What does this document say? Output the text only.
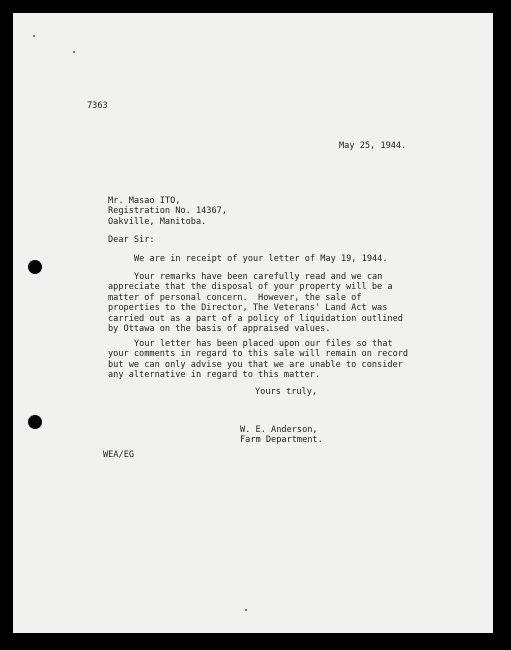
7363
May 25, 1944.
Mr. Masao ITO,
Registration No. 14367,
Oakville, Manitoba.
Dear Sir:
We are in receipt of your letter of May 19, 1944.
Your remarks have been carefully read and we can
appreciate that the disposal of your property will be a
matter of personal concern.  However, the sale of
properties to the Director, The Veterans' Land Act was
carried out as a part of a policy of liquidation outlined
by Ottawa on the basis of appraised values.
Your letter has been placed upon our files so that
your comments in regard to this sale will remain on record
but we can only advise you that we are unable to consider
any alternative in regard to this matter.
Yours truly,
W. E. Anderson,
Farm Department.
WEA/EG
